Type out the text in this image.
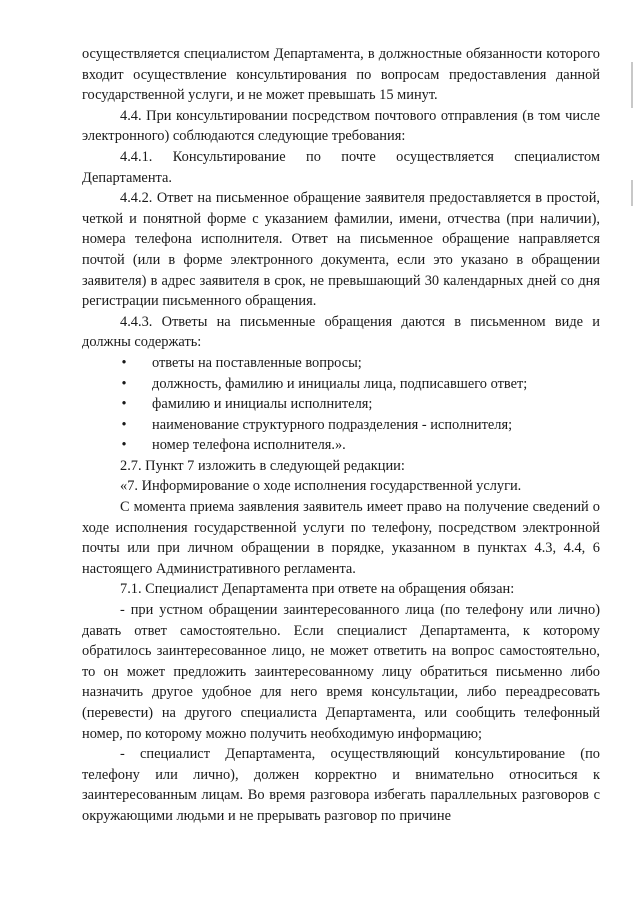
осуществляется специалистом Департамента, в должностные обязанности которого входит осуществление консультирования по вопросам предоставления данной государственной услуги, и не может превышать 15 минут.

4.4. При консультировании посредством почтового отправления (в том числе электронного) соблюдаются следующие требования:

4.4.1. Консультирование по почте осуществляется специалистом Департамента.

4.4.2. Ответ на письменное обращение заявителя предоставляется в простой, четкой и понятной форме с указанием фамилии, имени, отчества (при наличии), номера телефона исполнителя. Ответ на письменное обращение направляется почтой (или в форме электронного документа, если это указано в обращении заявителя) в адрес заявителя в срок, не превышающий 30 календарных дней со дня регистрации письменного обращения.

4.4.3. Ответы на письменные обращения даются в письменном виде и должны содержать:

• ответы на поставленные вопросы;
• должность, фамилию и инициалы лица, подписавшего ответ;
• фамилию и инициалы исполнителя;
• наименование структурного подразделения - исполнителя;
• номер телефона исполнителя.».

2.7. Пункт 7 изложить в следующей редакции:

«7. Информирование о ходе исполнения государственной услуги.

С момента приема заявления заявитель имеет право на получение сведений о ходе исполнения государственной услуги по телефону, посредством электронной почты или при личном обращении в порядке, указанном в пунктах 4.3, 4.4, 6 настоящего Административного регламента.

7.1. Специалист Департамента при ответе на обращения обязан:

- при устном обращении заинтересованного лица (по телефону или лично) давать ответ самостоятельно. Если специалист Департамента, к которому обратилось заинтересованное лицо, не может ответить на вопрос самостоятельно, то он может предложить заинтересованному лицу обратиться письменно либо назначить другое удобное для него время консультации, либо переадресовать (перевести) на другого специалиста Департамента, или сообщить телефонный номер, по которому можно получить необходимую информацию;

- специалист Департамента, осуществляющий консультирование (по телефону или лично), должен корректно и внимательно относиться к заинтересованным лицам. Во время разговора избегать параллельных разговоров с окружающими людьми и не прерывать разговор по причине
